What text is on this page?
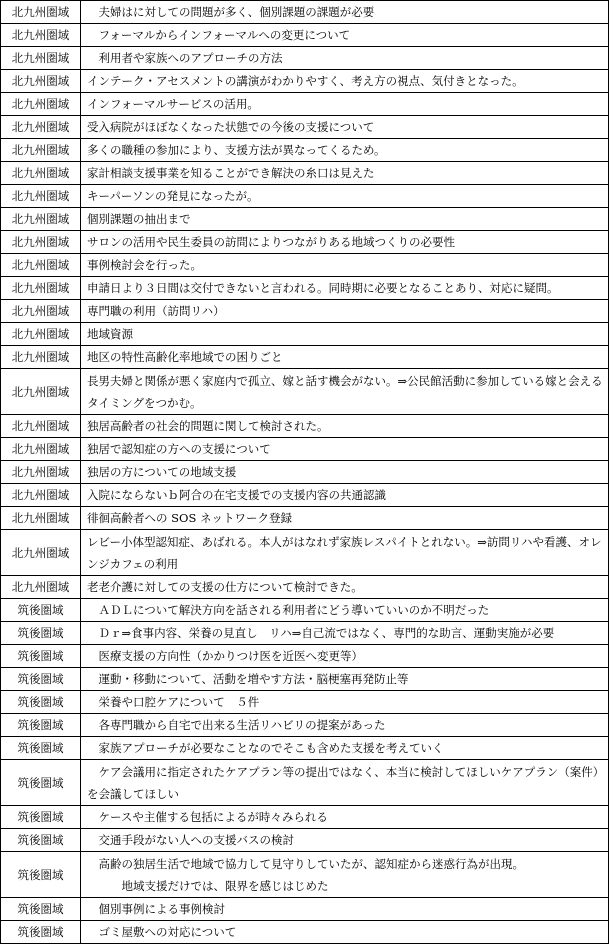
北九州圏域	　夫婦はに対しての問題が多く、個別課題の課題が必要
北九州圏域	　フォーマルからインフォーマルへの変更について
北九州圏域	　利用者や家族へのアプローチの方法
北九州圏域	インテーク・アセスメントの講演がわかりやすく、考え方の視点、気付きとなった。
北九州圏域	インフォーマルサービスの活用。
北九州圏域	受入病院がほぼなくなった状態での今後の支援について
北九州圏域	多くの職種の参加により、支援方法が異なってくるため。
北九州圏域	家計相談支援事業を知ることができ解決の糸口は見えた
北九州圏域	キーパーソンの発見になったが。
北九州圏域	個別課題の抽出まで
北九州圏域	サロンの活用や民生委員の訪問によりつながりある地域つくりの必要性
北九州圏域	事例検討会を行った。
北九州圏域	申請日より３日間は交付できないと言われる。同時期に必要となることあり、対応に疑問。
北九州圏域	専門職の利用（訪問リハ）
北九州圏域	地域資源
北九州圏域	地区の特性高齢化率地域での困りごと
北九州圏域	長男夫婦と関係が悪く家庭内で孤立、嫁と話す機会がない。⇒公民館活動に参加している嫁と会える
タイミングをつかむ。

北九州圏域	独居高齢者の社会的問題に関して検討された。
北九州圏域	独居で認知症の方への支援について
北九州圏域	独居の方についての地域支援
北九州圏域	入院にならないｂ阿合の在宅支援での支援内容の共通認識
北九州圏域	徘徊高齢者への SOS ネットワーク登録
北九州圏域	レビー小体型認知症、あばれる。本人がはなれず家族レスパイトとれない。⇒訪問リハや看護、オレ
ンジカフェの利用

北九州圏域	老老介護に対しての支援の仕方について検討できた。
筑後圏域	　ＡＤＬについて解決方向を話される利用者にどう導いていいのか不明だった
筑後圏域	　Ｄｒ⇒食事内容、栄養の見直し　リハ⇒自己流ではなく、専門的な助言、運動実施が必要
筑後圏域	　医療支援の方向性（かかりつけ医を近医へ変更等）
筑後圏域	　運動・移動について、活動を増やす方法・脳梗塞再発防止等
筑後圏域	　栄養や口腔ケアについて　５件
筑後圏域	　各専門職から自宅で出来る生活リハビリの提案があった
筑後圏域	　家族アプローチが必要なことなのでそこも含めた支援を考えていく
筑後圏域	　ケア会議用に指定されたケアプラン等の提出ではなく、本当に検討してほしいケアプラン（案件）
を会議してほしい

筑後圏域	　ケースや主催する包括によるが時々みられる
筑後圏域	　交通手段がない人への支援バスの検討
筑後圏域	　高齢の独居生活で地域で協力して見守りしていたが、認知症から迷惑行為が出現。
　　　地域支援だけでは、限界を感じはじめた

筑後圏域	　個別事例による事例検討
筑後圏域	　ゴミ屋敷への対応について
